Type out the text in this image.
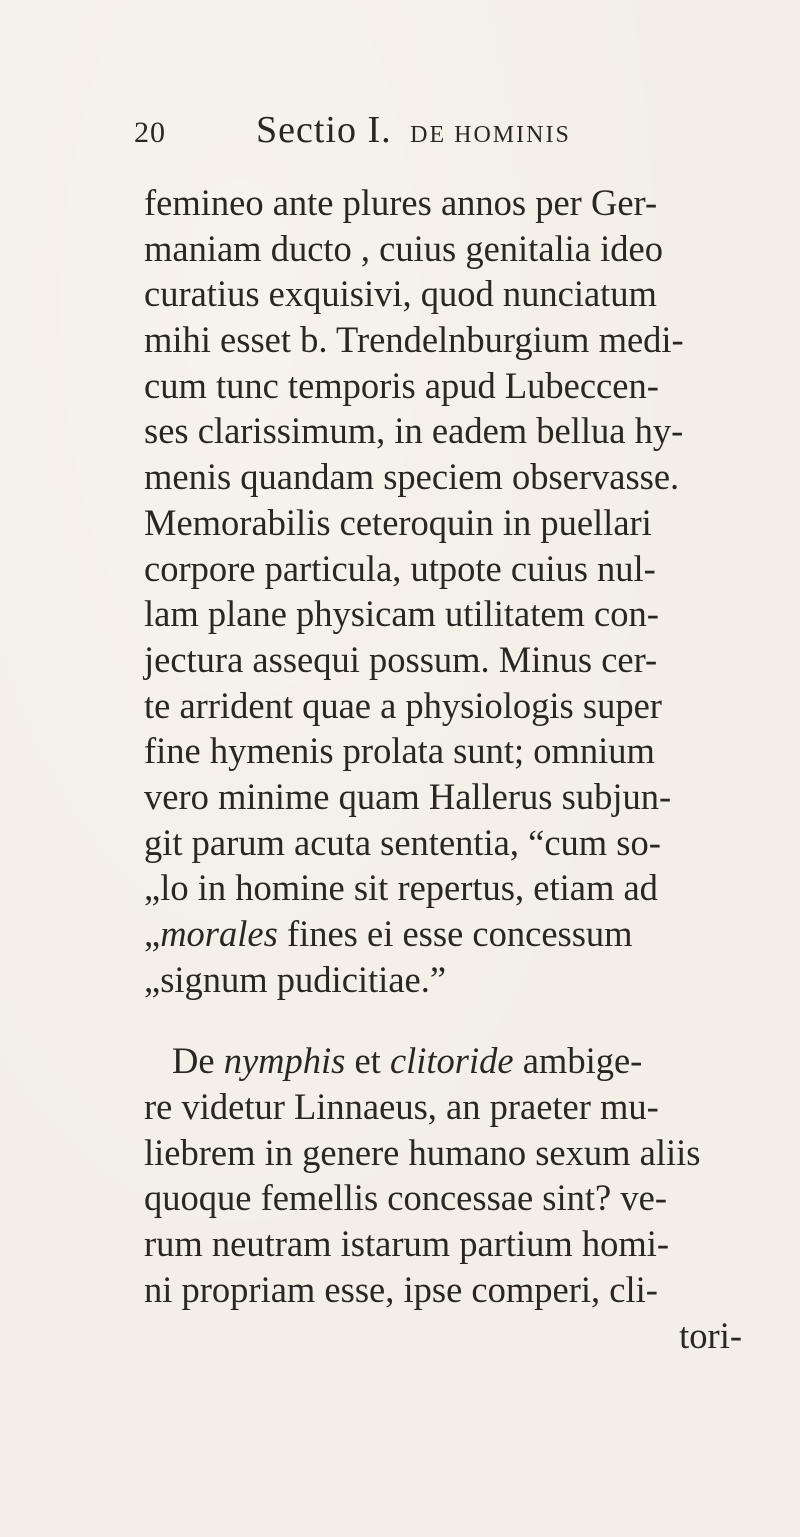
20 Sectio I. DE HOMINIS
femineo ante plures annos per Ger-
maniam ducto , cuius genitalia ideo
curatius exquisivi, quod nunciatum
mihi esset b. Trendelnburgium medi-
cum tunc temporis apud Lubeccen-
ses clarissimum, in eadem bellua hy-
menis quandam speciem observasse.
Memorabilis ceteroquin in puellari
corpore particula, utpote cuius nul-
lam plane physicam utilitatem con-
jectura assequi possum. Minus cer-
te arrident quae a physiologis super
fine hymenis prolata sunt; omnium
vero minime quam Hallerus subjun-
git parum acuta sententia, “cum so-
„lo in homine sit repertus, etiam ad
„morales fines ei esse concessum
„signum pudicitiae.”
De nymphis et clitoride ambige-
re videtur Linnaeus, an praeter mu-
liebrem in genere humano sexum aliis
quoque femellis concessae sint? ve-
rum neutram istarum partium homi-
ni propriam esse, ipse comperi, cli-
tori-
